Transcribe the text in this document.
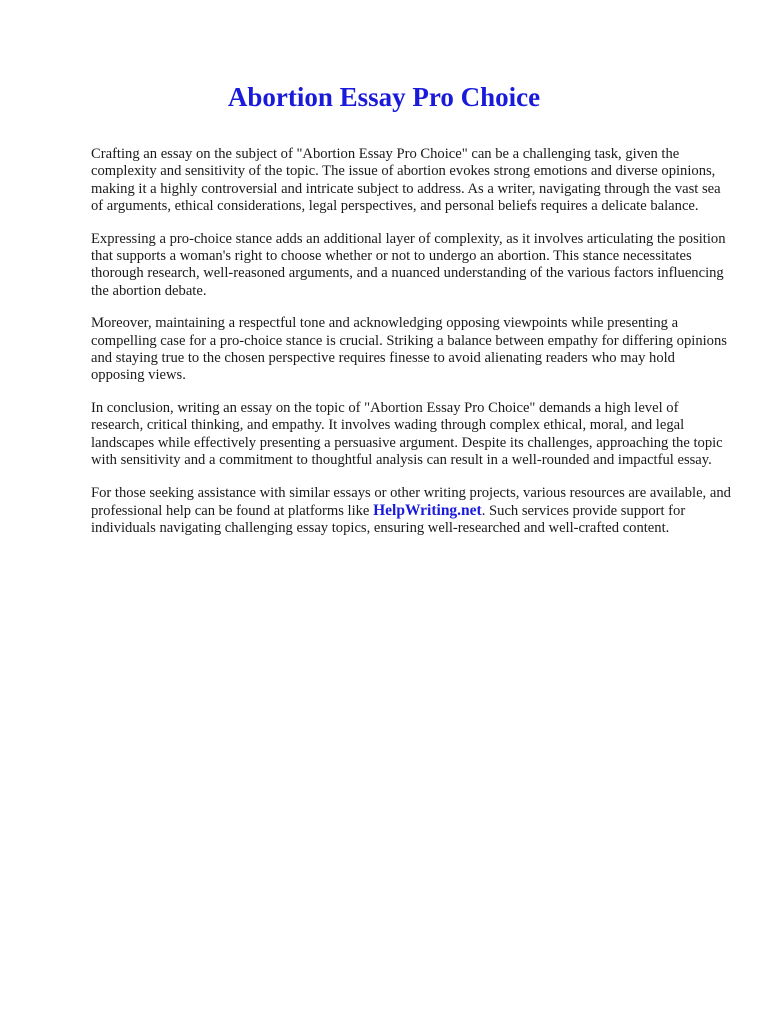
Abortion Essay Pro Choice

Crafting an essay on the subject of "Abortion Essay Pro Choice" can be a challenging task, given the complexity and sensitivity of the topic. The issue of abortion evokes strong emotions and diverse opinions, making it a highly controversial and intricate subject to address. As a writer, navigating through the vast sea of arguments, ethical considerations, legal perspectives, and personal beliefs requires a delicate balance.

Expressing a pro-choice stance adds an additional layer of complexity, as it involves articulating the position that supports a woman's right to choose whether or not to undergo an abortion. This stance necessitates thorough research, well-reasoned arguments, and a nuanced understanding of the various factors influencing the abortion debate.

Moreover, maintaining a respectful tone and acknowledging opposing viewpoints while presenting a compelling case for a pro-choice stance is crucial. Striking a balance between empathy for differing opinions and staying true to the chosen perspective requires finesse to avoid alienating readers who may hold opposing views.

In conclusion, writing an essay on the topic of "Abortion Essay Pro Choice" demands a high level of research, critical thinking, and empathy. It involves wading through complex ethical, moral, and legal landscapes while effectively presenting a persuasive argument. Despite its challenges, approaching the topic with sensitivity and a commitment to thoughtful analysis can result in a well-rounded and impactful essay.

For those seeking assistance with similar essays or other writing projects, various resources are available, and professional help can be found at platforms like HelpWriting.net. Such services provide support for individuals navigating challenging essay topics, ensuring well-researched and well-crafted content.
